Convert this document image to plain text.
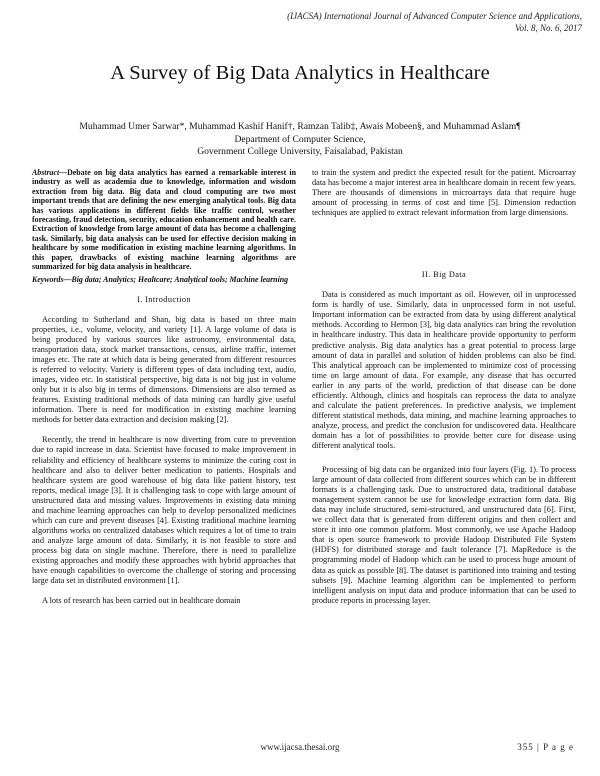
(IJACSA) International Journal of Advanced Computer Science and Applications,
Vol. 8, No. 6, 2017
A Survey of Big Data Analytics in Healthcare
Muhammad Umer Sarwar*, Muhammad Kashif Hanif†, Ramzan Talib‡, Awais Mobeen§, and Muhammad Aslam¶
Department of Computer Science,
Government College University, Faisalabad, Pakistan
Abstract—Debate on big data analytics has earned a remarkable interest in industry as well as academia due to knowledge, information and wisdom extraction from big data. Big data and cloud computing are two most important trends that are defining the new emerging analytical tools. Big data has various applications in different fields like traffic control, weather forecasting, fraud detection, security, education enhancement and health care. Extraction of knowledge from large amount of data has become a challenging task. Similarly, big data analysis can be used for effective decision making in healthcare by some modification in existing machine learning algorithms. In this paper, drawbacks of existing machine learning algorithms are summarized for big data analysis in healthcare.
Keywords—Big data; Analytics; Healtcare; Analytical tools; Machine learning
I. Introduction

According to Sutherland and Shan, big data is based on three main properties, i.e., volume, velocity, and variety [1]. A large volume of data is being produced by various sources like astronomy, environmental data, transportation data, stock market transactions, census, airline traffic, internet images etc. The rate at which data is being generated from different resources is referred to velocity. Variety is different types of data including text, audio, images, video etc. In statistical perspective, big data is not big just in volume only but it is also big in terms of dimensions. Dimensions are also termed as features. Existing traditional methods of data mining can hardly give useful information. There is need for modification in existing machine learning methods for better data extraction and decision making [2].

Recently, the trend in healthcare is now diverting from cure to prevention due to rapid increase in data. Scientist have focused to make improvement in reliability and efficiency of healthcare systems to minimize the curing cost in healthcare and also to deliver better medication to patients. Hospitals and healthcare system are good warehouse of big data like patient history, test reports, medical image [3]. It is challenging task to cope with large amount of unstructured data and missing values. Improvements in existing data mining and machine learning approaches can help to develop personalized medicines which can cure and prevent diseases [4]. Existing traditional machine learning algorithms works on centralized databases which requires a lot of time to train and analyze large amount of data. Similarly, it is not feasible to store and process big data on single machine. Therefore, there is need to parallelize existing approaches and modify these approaches with hybrid approaches that have enough capabilities to overcome the challenge of storing and processing large data set in distributed environment [1].

A lots of research has been carried out in healthcare domain

to train the system and predict the expected result for the patient. Microarray data has become a major interest area in healthcare domain in recent few years. There are thousands of dimensions in microarrays data that require huge amount of processing in terms of cost and time [5]. Dimension reduction techniques are applied to extract relevant information from large dimensions.

II. Big Data

Data is considered as much important as oil. However, oil in unprocessed form is hardly of use. Similarly, data in unprocessed form in not useful. Important information can be extracted from data by using different analytical methods. According to Hermon [3], big data analytics can bring the revolution in healthcare industry. This data in healthcare provide opportunity to perform predictive analysis. Big data analytics has a great potential to process large amount of data in parallel and solution of hidden problems can also be find. This analytical approach can be implemented to minimize cost of processing time on large amount of data. For example, any disease that has occurred earlier in any parts of the world, prediction of that disease can be done efficiently. Although, clinics and hospitals can reprocess the data to analyze and calculate the patient preferences. In predictive analysis, we implement different statistical methods, data mining, and machine learning approaches to analyze, process, and predict the conclusion for undiscovered data. Healthcare domain has a lot of possibilities to provide better cure for disease using different analytical tools.

Processing of big data can be organized into four layers (Fig. 1). To process large amount of data collected from different sources which can be in different formats is a challenging task. Due to unstructured data, traditional database management system cannot be use for knowledge extraction form data. Big data may include structured, semi-structured, and unstructured data [6]. First, we collect data that is generated from different origins and then collect and store it into one common platform. Most commonly, we use Apache Hadoop that is open source framework to provide Hadoop Distributed File System (HDFS) for distributed storage and fault tolerance [7]. MapReduce is the programming model of Hadoop which can be used to process huge amount of data as quick as possible [8]. The dataset is partitioned into training and testing subsets [9]. Machine learning algorithm can be implemented to perform intelligent analysis on input data and produce information that can be used to produce reports in processing layer.

www.ijacsa.thesai.org	355 | P a g e
